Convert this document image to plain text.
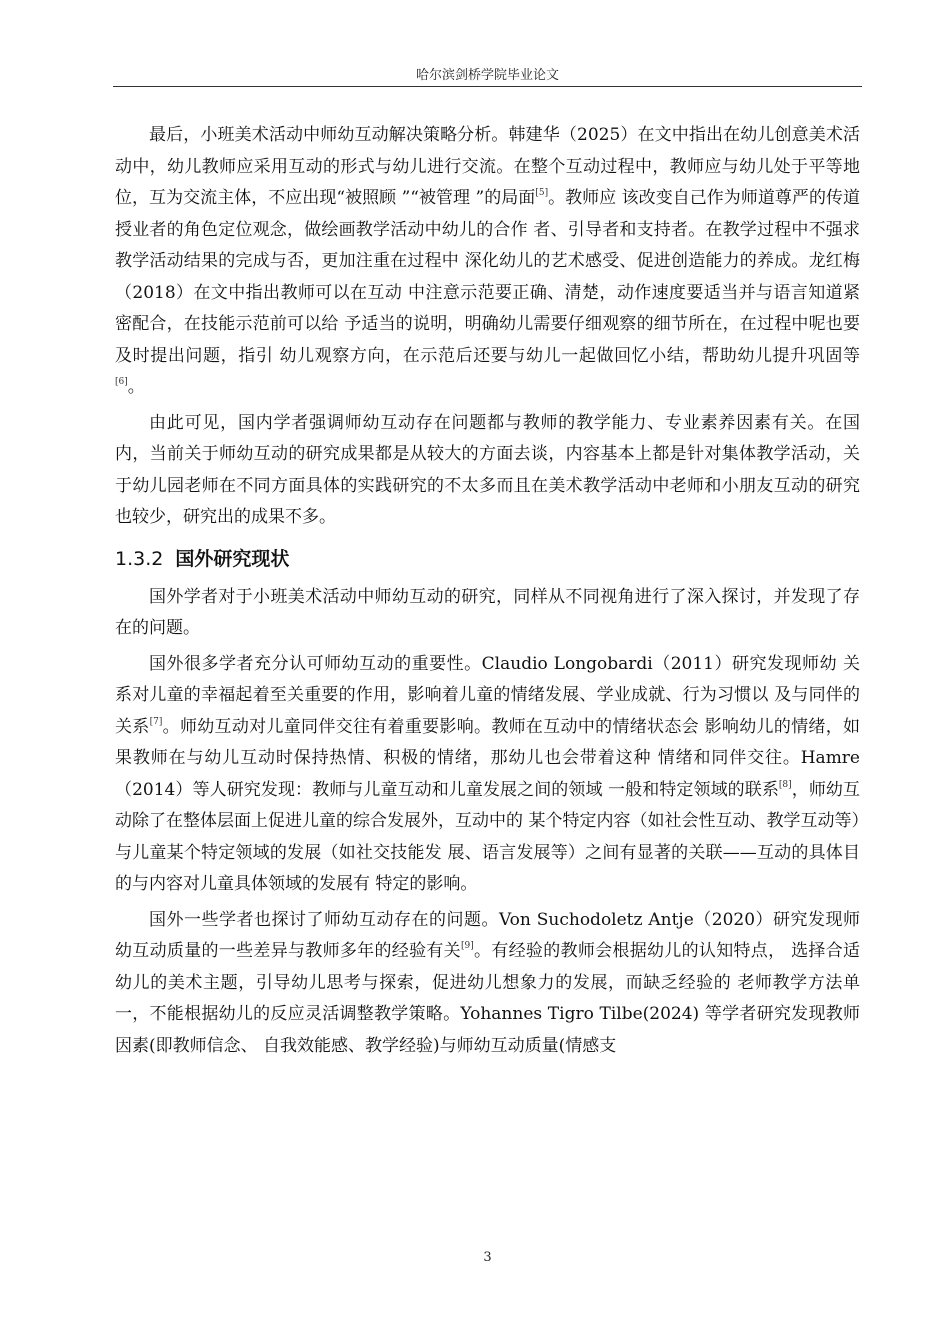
哈尔滨剑桥学院毕业论文

最后，小班美术活动中师幼互动解决策略分析。韩建华（2025）在文中指出在幼儿创意美术活动中，幼儿教师应采用互动的形式与幼儿进行交流。在整个互动过程中，教师应与幼儿处于平等地位，互为交流主体，不应出现“被照顾 ”“被管理 ”的局面[5]。教师应 该改变自己作为师道尊严的传道授业者的角色定位观念，做绘画教学活动中幼儿的合作 者、引导者和支持者。在教学过程中不强求教学活动结果的完成与否，更加注重在过程中 深化幼儿的艺术感受、促进创造能力的养成。龙红梅（2018）在文中指出教师可以在互动 中注意示范要正确、清楚，动作速度要适当并与语言知道紧密配合，在技能示范前可以给 予适当的说明，明确幼儿需要仔细观察的细节所在，在过程中呢也要及时提出问题，指引 幼儿观察方向，在示范后还要与幼儿一起做回忆小结，帮助幼儿提升巩固等[6]。

由此可见，国内学者强调师幼互动存在问题都与教师的教学能力、专业素养因素有关。在国内，当前关于师幼互动的研究成果都是从较大的方面去谈，内容基本上都是针对集体教学活动，关于幼儿园老师在不同方面具体的实践研究的不太多而且在美术教学活动中老师和小朋友互动的研究也较少，研究出的成果不多。

1.3.2 国外研究现状

国外学者对于小班美术活动中师幼互动的研究，同样从不同视角进行了深入探讨，并发现了存在的问题。

国外很多学者充分认可师幼互动的重要性。Claudio Longobardi（2011）研究发现师幼 关系对儿童的幸福起着至关重要的作用，影响着儿童的情绪发展、学业成就、行为习惯以 及与同伴的关系[7]。师幼互动对儿童同伴交往有着重要影响。教师在互动中的情绪状态会 影响幼儿的情绪，如果教师在与幼儿互动时保持热情、积极的情绪，那幼儿也会带着这种 情绪和同伴交往。Hamre（2014）等人研究发现：教师与儿童互动和儿童发展之间的领域 一般和特定领域的联系[8]，师幼互动除了在整体层面上促进儿童的综合发展外，互动中的 某个特定内容（如社会性互动、教学互动等）与儿童某个特定领域的发展（如社交技能发 展、语言发展等）之间有显著的关联——互动的具体目的与内容对儿童具体领域的发展有 特定的影响。

国外一些学者也探讨了师幼互动存在的问题。Von Suchodoletz Antje（2020）研究发现师幼互动质量的一些差异与教师多年的经验有关[9]。有经验的教师会根据幼儿的认知特点， 选择合适幼儿的美术主题，引导幼儿思考与探索，促进幼儿想象力的发展，而缺乏经验的 老师教学方法单一，不能根据幼儿的反应灵活调整教学策略。Yohannes Tigro Tilbe(2024) 等学者研究发现教师因素(即教师信念、 自我效能感、教学经验)与师幼互动质量(情感支

3
